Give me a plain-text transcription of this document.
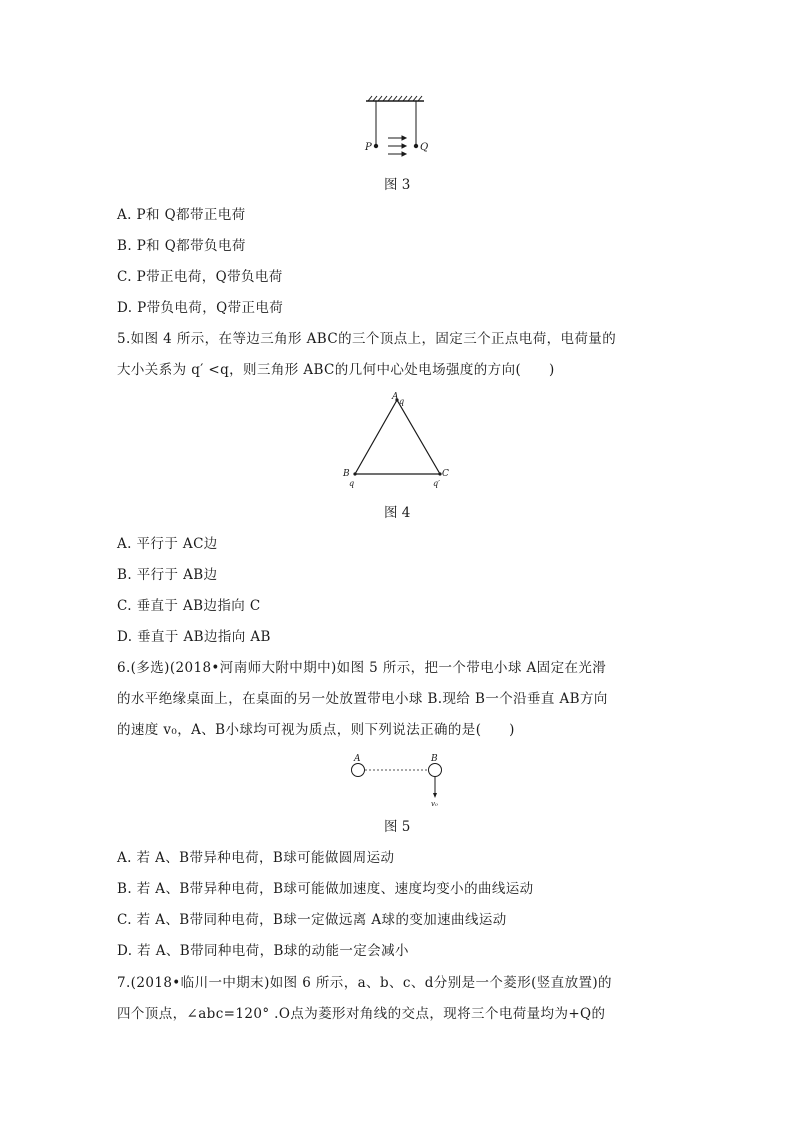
P	Q
图 3
A. P和 Q都带正电荷
B. P和 Q都带负电荷
C. P带正电荷，Q带负电荷
D. P带负电荷，Q带正电荷
5.如图 4 所示，在等边三角形 ABC的三个顶点上，固定三个正点电荷，电荷量的
大小关系为 q′ <q，则三角形 ABC的几何中心处电场强度的方向(　　)
A q
B
q
C
q′
图 4
A. 平行于 AC边
B. 平行于 AB边
C. 垂直于 AB边指向 C
D. 垂直于 AB边指向 AB
6.(多选)(2018•河南师大附中期中)如图 5 所示，把一个带电小球 A固定在光滑
的水平绝缘桌面上，在桌面的另一处放置带电小球 B.现给 B一个沿垂直 AB方向
的速度 v₀，A、B小球均可视为质点，则下列说法正确的是(　　)
A	B
v₀
图 5
A. 若 A、B带异种电荷，B球可能做圆周运动
B. 若 A、B带异种电荷，B球可能做加速度、速度均变小的曲线运动
C. 若 A、B带同种电荷，B球一定做远离 A球的变加速曲线运动
D. 若 A、B带同种电荷，B球的动能一定会减小
7.(2018•临川一中期末)如图 6 所示，a、b、c、d分别是一个菱形(竖直放置)的
四个顶点，∠abc=120° .O点为菱形对角线的交点，现将三个电荷量均为+Q的
